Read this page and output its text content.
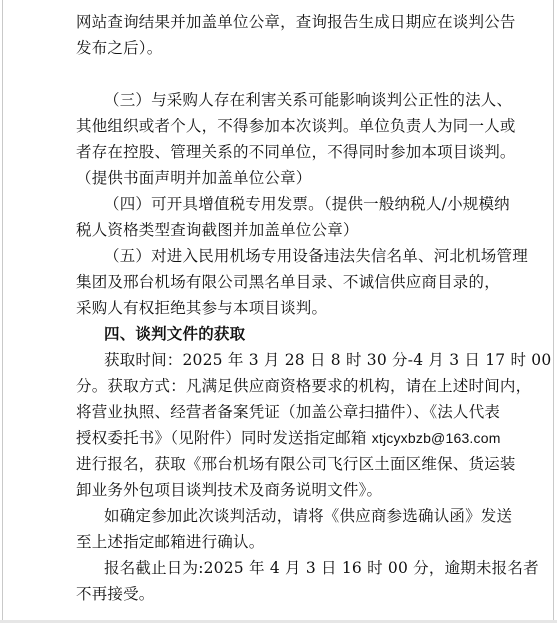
网站查询结果并加盖单位公章，查询报告生成日期应在谈判公告
发布之后）。
（三）与采购人存在利害关系可能影响谈判公正性的法人、
其他组织或者个人，不得参加本次谈判。单位负责人为同一人或
者存在控股、管理关系的不同单位，不得同时参加本项目谈判。
（提供书面声明并加盖单位公章）
（四）可开具增值税专用发票。（提供一般纳税人/小规模纳
税人资格类型查询截图并加盖单位公章）
（五）对进入民用机场专用设备违法失信名单、河北机场管理
集团及邢台机场有限公司黑名单目录、不诚信供应商目录的，
采购人有权拒绝其参与本项目谈判。
四、谈判文件的获取
获取时间：2025 年 3 月 28 日 8 时 30 分-4 月 3 日 17 时 00
分。获取方式：凡满足供应商资格要求的机构，请在上述时间内，
将营业执照、经营者备案凭证（加盖公章扫描件）、《法人代表
授权委托书》（见附件）同时发送指定邮箱 xtjcyxbzb@163.com
进行报名，获取《邢台机场有限公司飞行区土面区维保、货运装
卸业务外包项目谈判技术及商务说明文件》。
如确定参加此次谈判活动，请将《供应商参选确认函》发送
至上述指定邮箱进行确认。
报名截止日为:2025 年 4 月 3 日 16 时 00 分，逾期未报名者
不再接受。
